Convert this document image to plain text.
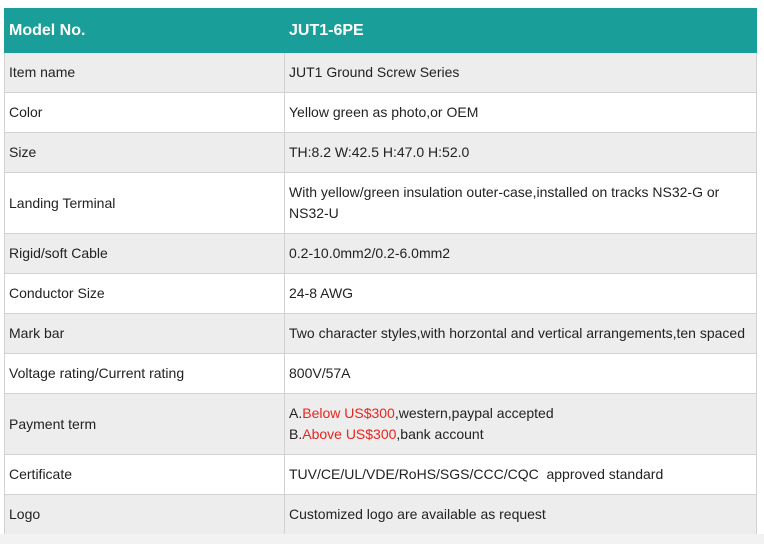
Model No.	JUT1-6PE
Item name	JUT1 Ground Screw Series
Color	Yellow green as photo,or OEM
Size	TH:8.2 W:42.5 H:47.0 H:52.0
Landing Terminal	With yellow/green insulation outer-case,installed on tracks NS32-G or NS32-U
Rigid/soft Cable	0.2-10.0mm2/0.2-6.0mm2
Conductor Size	24-8 AWG
Mark bar	Two character styles,with horzontal and vertical arrangements,ten spaced
Voltage rating/Current rating	800V/57A
Payment term	A.Below US$300,western,paypal accepted
B.Above US$300,bank account

Certificate	TUV/CE/UL/VDE/RoHS/SGS/CCC/CQC  approved standard
Logo	Customized logo are available as request
